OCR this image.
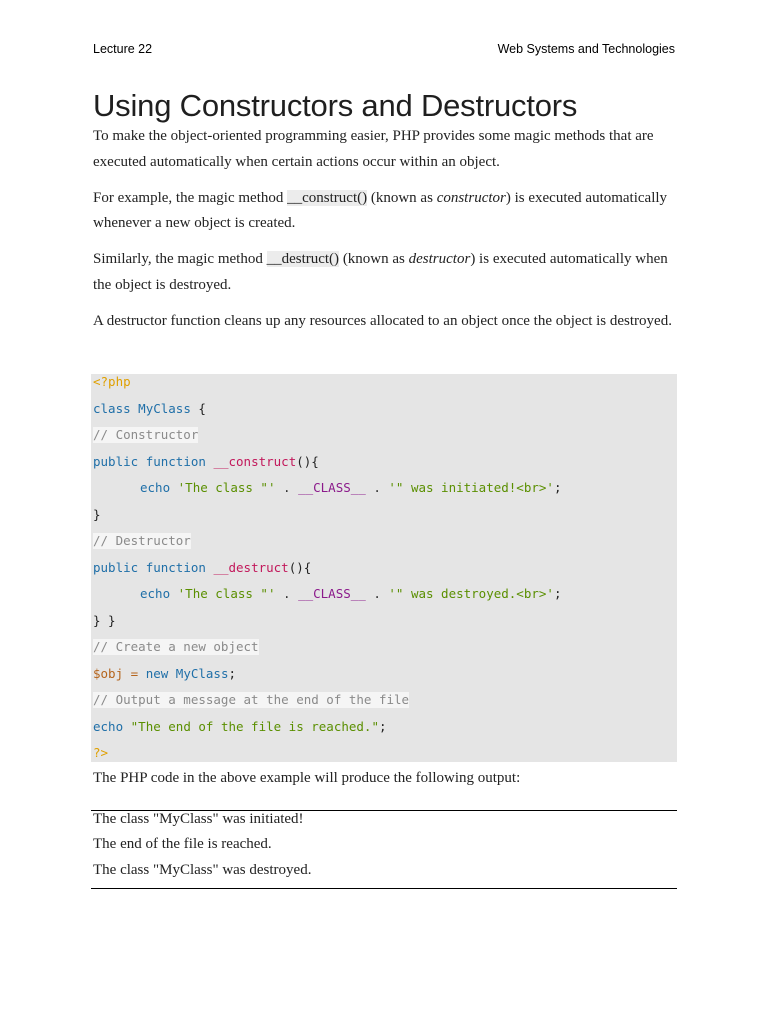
Lecture 22	Web Systems and Technologies
Using Constructors and Destructors

To make the object-oriented programming easier, PHP provides some magic methods that are executed automatically when certain actions occur within an object.

For example, the magic method __construct() (known as constructor) is executed automatically whenever a new object is created.

Similarly, the magic method __destruct() (known as destructor) is executed automatically when the object is destroyed.

A destructor function cleans up any resources allocated to an object once the object is destroyed.

<?php
class MyClass {
// Constructor
public function __construct(){
echo 'The class "' . __CLASS__ . '" was initiated!<br>';
}
// Destructor
public function __destruct(){
echo 'The class "' . __CLASS__ . '" was destroyed.<br>';
} }
// Create a new object
$obj = new MyClass;
// Output a message at the end of the file
echo "The end of the file is reached.";
?>
The PHP code in the above example will produce the following output:
The class "MyClass" was initiated!
The end of the file is reached.
The class "MyClass" was destroyed.
